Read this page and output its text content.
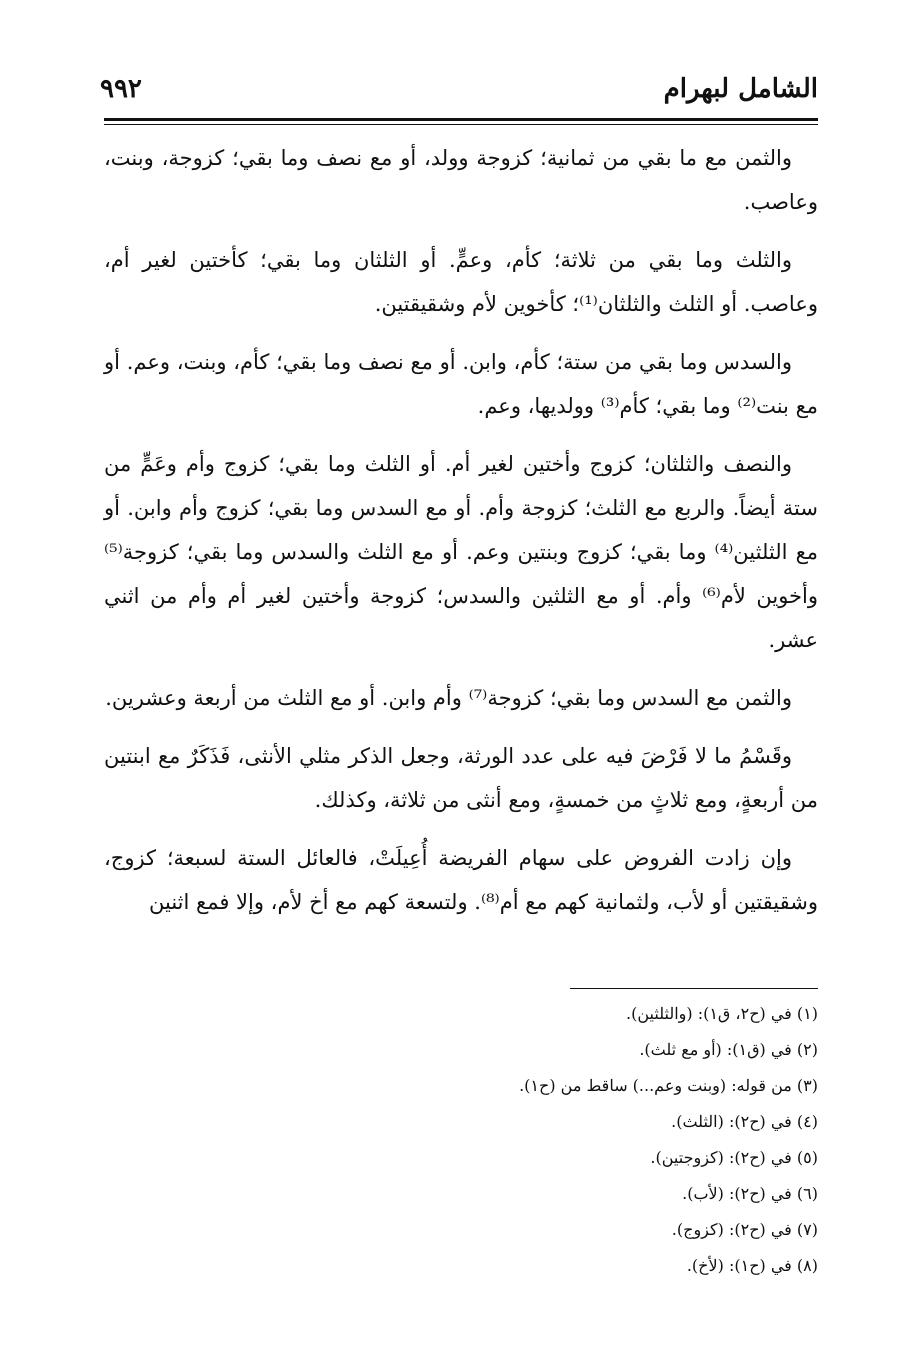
الشامل لبهرام
٩٩٢

والثمن مع ما بقي من ثمانية؛ كزوجة وولد، أو مع نصف وما بقي؛ كزوجة، وبنت، وعاصب.

والثلث وما بقي من ثلاثة؛ كأم، وعمٍّ. أو الثلثان وما بقي؛ كأختين لغير أم، وعاصب. أو الثلث والثلثان⁽¹⁾؛ كأخوين لأم وشقيقتين.

والسدس وما بقي من ستة؛ كأم، وابن. أو مع نصف وما بقي؛ كأم، وبنت، وعم. أو مع بنت⁽²⁾ وما بقي؛ كأم⁽³⁾ وولديها، وعم.

والنصف والثلثان؛ كزوج وأختين لغير أم. أو الثلث وما بقي؛ كزوج وأم وعَمٍّ من ستة أيضاً. والربع مع الثلث؛ كزوجة وأم. أو مع السدس وما بقي؛ كزوج وأم وابن. أو مع الثلثين⁽⁴⁾ وما بقي؛ كزوج وبنتين وعم. أو مع الثلث والسدس وما بقي؛ كزوجة⁽⁵⁾ وأخوين لأم⁽⁶⁾ وأم. أو مع الثلثين والسدس؛ كزوجة وأختين لغير أم وأم من اثني عشر.

والثمن مع السدس وما بقي؛ كزوجة⁽⁷⁾ وأم وابن. أو مع الثلث من أربعة وعشرين.

وقَسْمُ ما لا فَرْضَ فيه على عدد الورثة، وجعل الذكر مثلي الأنثى، فَذَكَرٌ مع ابنتين من أربعةٍ، ومع ثلاثٍ من خمسةٍ، ومع أنثى من ثلاثة، وكذلك.

وإن زادت الفروض على سهام الفريضة أُعِيلَتْ، فالعائل الستة لسبعة؛ كزوج، وشقيقتين أو لأب، ولثمانية كهم مع أم⁽⁸⁾. ولتسعة كهم مع أخ لأم، وإلا فمع اثنين

(١) في (ح٢، ق١): (والثلثين).
(٢) في (ق١): (أو مع ثلث).
(٣) من قوله: (وبنت وعم...) ساقط من (ح١).
(٤) في (ح٢): (الثلث).
(٥) في (ح٢): (كزوجتين).
(٦) في (ح٢): (لأب).
(٧) في (ح٢): (كزوج).
(٨) في (ح١): (لأخ).
